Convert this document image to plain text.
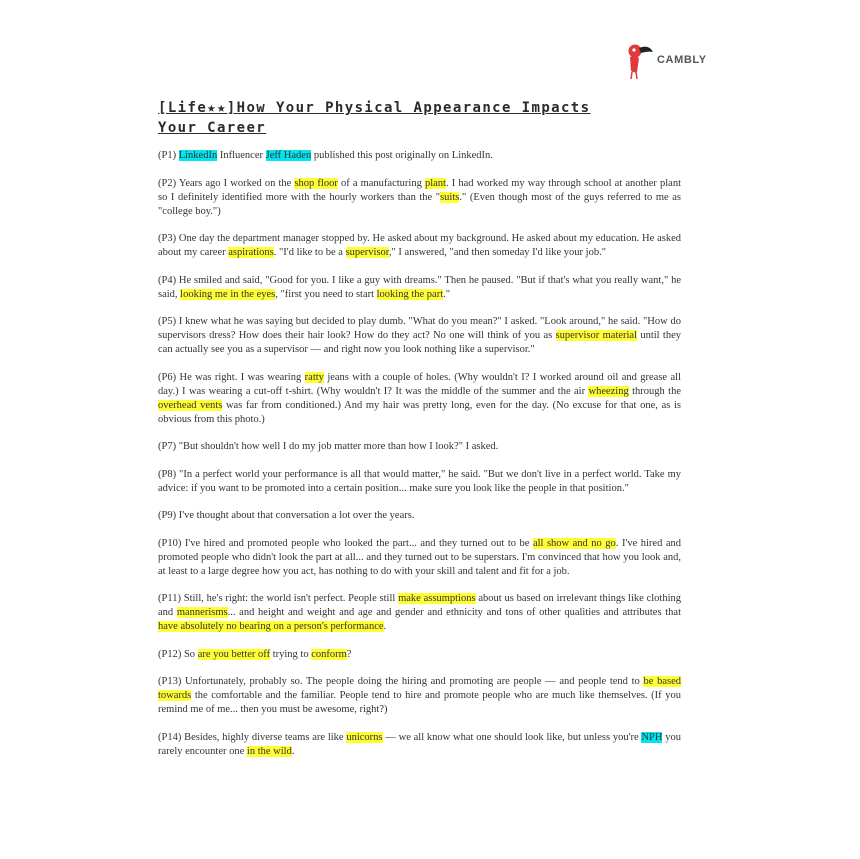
CAMBLY
[Life★★]How Your Physical Appearance Impacts
Your Career

(P1) LinkedIn Influencer Jeff Haden published this post originally on LinkedIn.

(P2) Years ago I worked on the shop floor of a manufacturing plant. I had worked my way through school at another plant so I definitely identified more with the hourly workers than the "suits." (Even though most of the guys referred to me as "college boy.")

(P3) One day the department manager stopped by. He asked about my background. He asked about my education. He asked about my career aspirations. "I'd like to be a supervisor," I answered, "and then someday I'd like your job."

(P4) He smiled and said, "Good for you. I like a guy with dreams." Then he paused. "But if that's what you really want," he said, looking me in the eyes, "first you need to start looking the part."

(P5) I knew what he was saying but decided to play dumb. "What do you mean?" I asked. "Look around," he said. "How do supervisors dress? How does their hair look? How do they act? No one will think of you as supervisor material until they can actually see you as a supervisor — and right now you look nothing like a supervisor."

(P6) He was right. I was wearing ratty jeans with a couple of holes. (Why wouldn't I? I worked around oil and grease all day.) I was wearing a cut-off t-shirt. (Why wouldn't I? It was the middle of the summer and the air wheezing through the overhead vents was far from conditioned.) And my hair was pretty long, even for the day. (No excuse for that one, as is obvious from this photo.)

(P7) "But shouldn't how well I do my job matter more than how I look?" I asked.

(P8) "In a perfect world your performance is all that would matter," he said. "But we don't live in a perfect world. Take my advice: if you want to be promoted into a certain position... make sure you look like the people in that position."

(P9) I've thought about that conversation a lot over the years.

(P10) I've hired and promoted people who looked the part... and they turned out to be all show and no go. I've hired and promoted people who didn't look the part at all... and they turned out to be superstars. I'm convinced that how you look and, at least to a large degree how you act, has nothing to do with your skill and talent and fit for a job.

(P11) Still, he's right: the world isn't perfect. People still make assumptions about us based on irrelevant things like clothing and mannerisms... and height and weight and age and gender and ethnicity and tons of other qualities and attributes that have absolutely no bearing on a person's performance.

(P12) So are you better off trying to conform?

(P13) Unfortunately, probably so. The people doing the hiring and promoting are people — and people tend to be based towards the comfortable and the familiar. People tend to hire and promote people who are much like themselves. (If you remind me of me... then you must be awesome, right?)

(P14) Besides, highly diverse teams are like unicorns — we all know what one should look like, but unless you're NPH you rarely encounter one in the wild.
